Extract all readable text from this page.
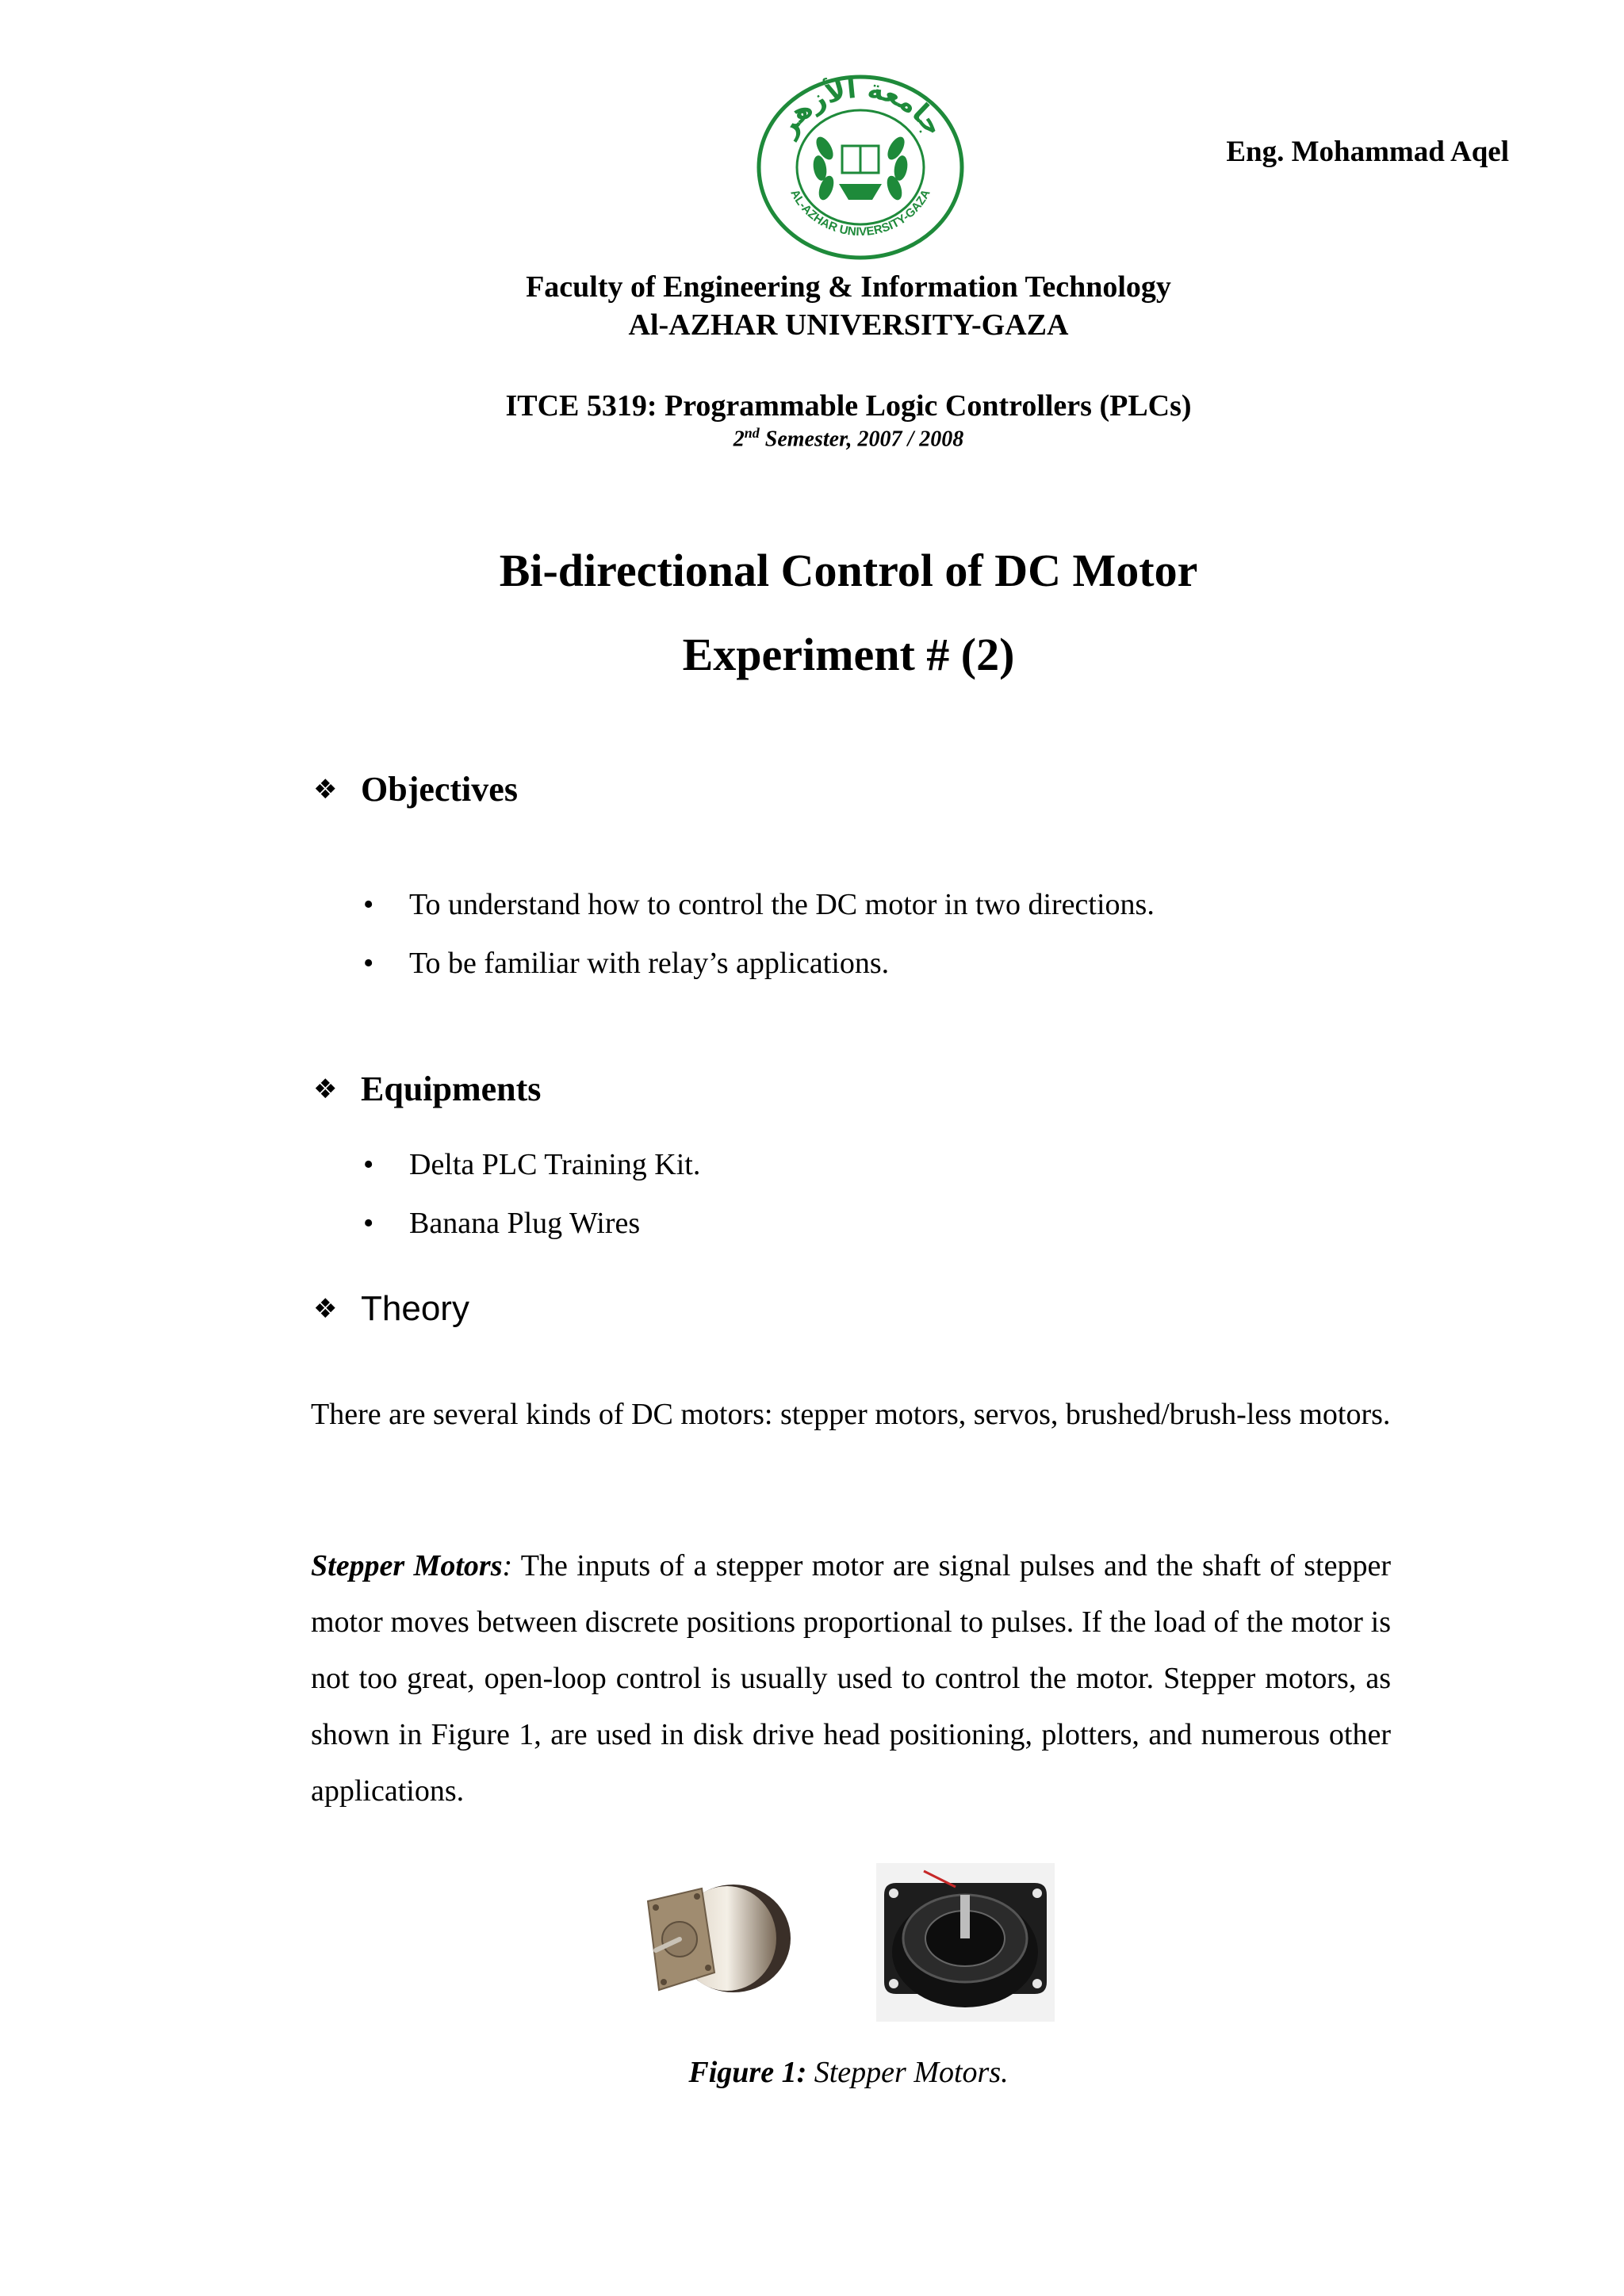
Eng. Mohammad Aqel
جامعة الأزهر
AL-AZHAR UNIVERSITY-GAZA
Faculty of Engineering & Information Technology
Al-AZHAR UNIVERSITY-GAZA
ITCE 5319: Programmable Logic Controllers (PLCs)
2nd Semester, 2007 / 2008
Bi-directional Control of DC Motor
Experiment # (2)
❖ Objectives
• To understand how to control the DC motor in two directions.
• To be familiar with relay’s applications.
❖ Equipments
• Delta PLC Training Kit.
• Banana Plug Wires
❖ Theory

There are several kinds of DC motors: stepper motors, servos, brushed/brush-less motors.

Stepper Motors: The inputs of a stepper motor are signal pulses and the shaft of stepper motor moves between discrete positions proportional to pulses. If the load of the motor is not too great, open-loop control is usually used to control the motor. Stepper motors, as shown in Figure 1, are used in disk drive head positioning, plotters, and numerous other applications.

Figure 1: Stepper Motors.
